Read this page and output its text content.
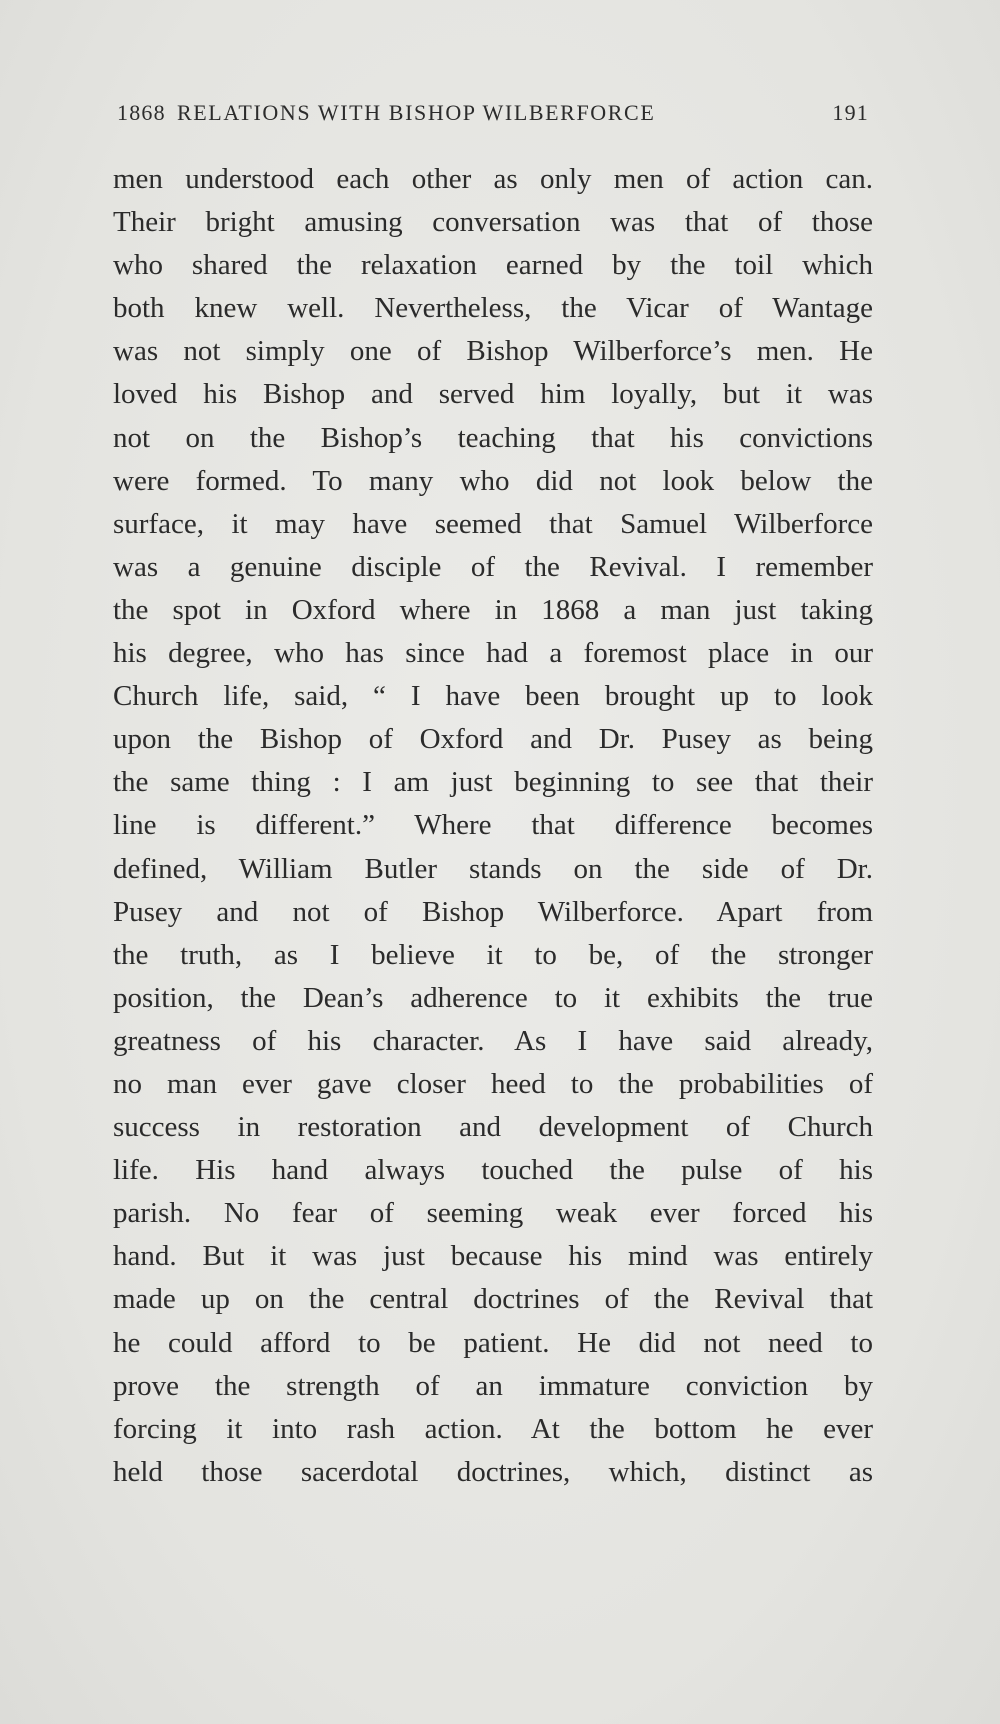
1868 RELATIONS WITH BISHOP WILBERFORCE	191
men understood each other as only men of action can.
Their bright amusing conversation was that of those
who shared the relaxation earned by the toil which
both knew well. Nevertheless, the Vicar of Wantage
was not simply one of Bishop Wilberforce’s men. He
loved his Bishop and served him loyally, but it was
not on the Bishop’s teaching that his convictions
were formed. To many who did not look below the
surface, it may have seemed that Samuel Wilberforce
was a genuine disciple of the Revival. I remember
the spot in Oxford where in 1868 a man just taking
his degree, who has since had a foremost place in our
Church life, said, “ I have been brought up to look
upon the Bishop of Oxford and Dr. Pusey as being
the same thing : I am just beginning to see that their
line is different.” Where that difference becomes
defined, William Butler stands on the side of Dr.
Pusey and not of Bishop Wilberforce. Apart from
the truth, as I believe it to be, of the stronger
position, the Dean’s adherence to it exhibits the true
greatness of his character. As I have said already,
no man ever gave closer heed to the probabilities of
success in restoration and development of Church
life. His hand always touched the pulse of his
parish. No fear of seeming weak ever forced his
hand. But it was just because his mind was entirely
made up on the central doctrines of the Revival that
he could afford to be patient. He did not need to
prove the strength of an immature conviction by
forcing it into rash action. At the bottom he ever
held those sacerdotal doctrines, which, distinct as
